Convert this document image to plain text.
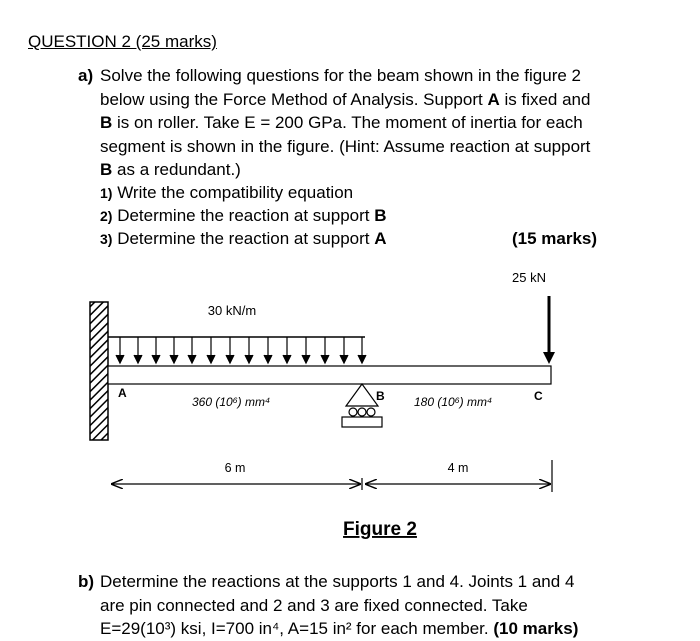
QUESTION 2 (25 marks)
a) Solve the following questions for the beam shown in the figure 2
below using the Force Method of Analysis. Support A is fixed and
B is on roller. Take E = 200 GPa. The moment of inertia for each
segment is shown in the figure. (Hint: Assume reaction at support
B as a redundant.)
1) Write the compatibility equation
2) Determine the reaction at support B
3) Determine the reaction at support A	(15 marks)
30 kN/m
25 kN
A	B	C
360 (10⁶) mm⁴	180 (10⁶) mm⁴
6 m	4 m
Figure 2
b) Determine the reactions at the supports 1 and 4. Joints 1 and 4
are pin connected and 2 and 3 are fixed connected. Take
E=29(10³) ksi, I=700 in⁴, A=15 in² for each member. (10 marks)
